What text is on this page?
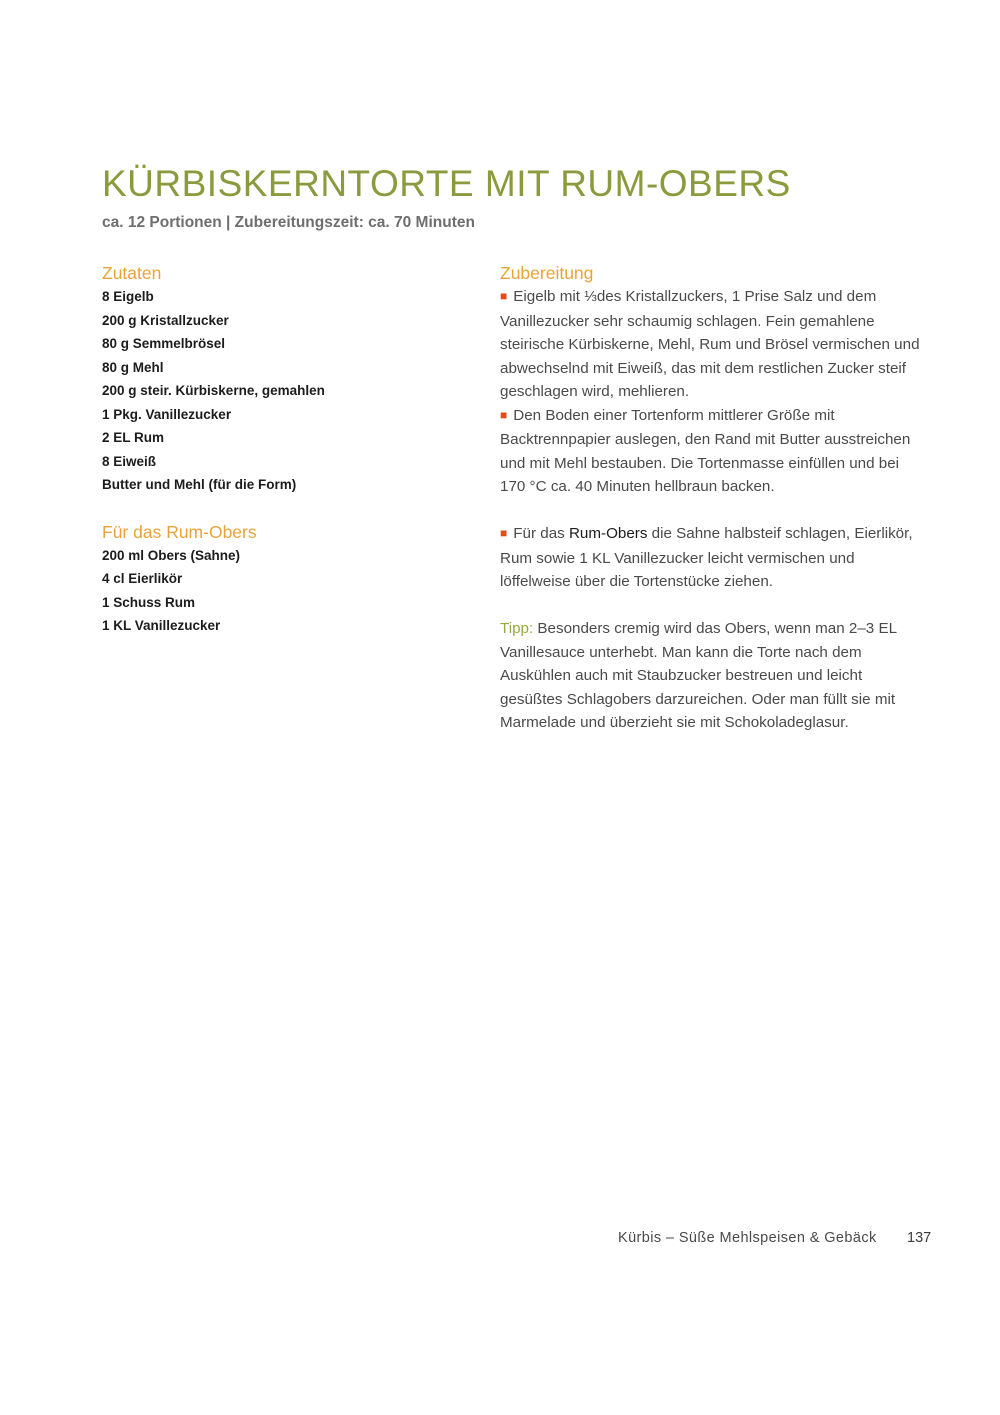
KÜRBISKERNTORTE MIT RUM-OBERS
ca. 12 Portionen | Zubereitungszeit: ca. 70 Minuten
Zutaten
8 Eigelb
200 g Kristallzucker
80 g Semmelbrösel
80 g Mehl
200 g steir. Kürbiskerne, gemahlen
1 Pkg. Vanillezucker
2 EL Rum
8 Eiweiß
Butter und Mehl (für die Form)
Für das Rum-Obers
200 ml Obers (Sahne)
4 cl Eierlikör
1 Schuss Rum
1 KL Vanillezucker
Zubereitung

■ Eigelb mit ⅓des Kristallzuckers, 1 Prise Salz und dem Vanillezucker sehr schaumig schlagen. Fein gemahlene steirische Kürbiskerne, Mehl, Rum und Brösel vermischen und abwechselnd mit Eiweiß, das mit dem restlichen Zucker steif geschlagen wird, mehlieren.

■ Den Boden einer Tortenform mittlerer Größe mit Backtrennpapier auslegen, den Rand mit Butter ausstreichen und mit Mehl bestauben. Die Tortenmasse einfüllen und bei 170 °C ca. 40 Minuten hellbraun backen.

■ Für das Rum-Obers die Sahne halbsteif schlagen, Eierlikör, Rum sowie 1 KL Vanillezucker leicht vermischen und löffelweise über die Tortenstücke ziehen.

Tipp: Besonders cremig wird das Obers, wenn man 2–3 EL Vanillesauce unterhebt. Man kann die Torte nach dem Auskühlen auch mit Staubzucker bestreuen und leicht gesüßtes Schlagobers darzureichen. Oder man füllt sie mit Marmelade und überzieht sie mit Schokoladeglasur.

Kürbis – Süße Mehlspeisen & Gebäck 137
